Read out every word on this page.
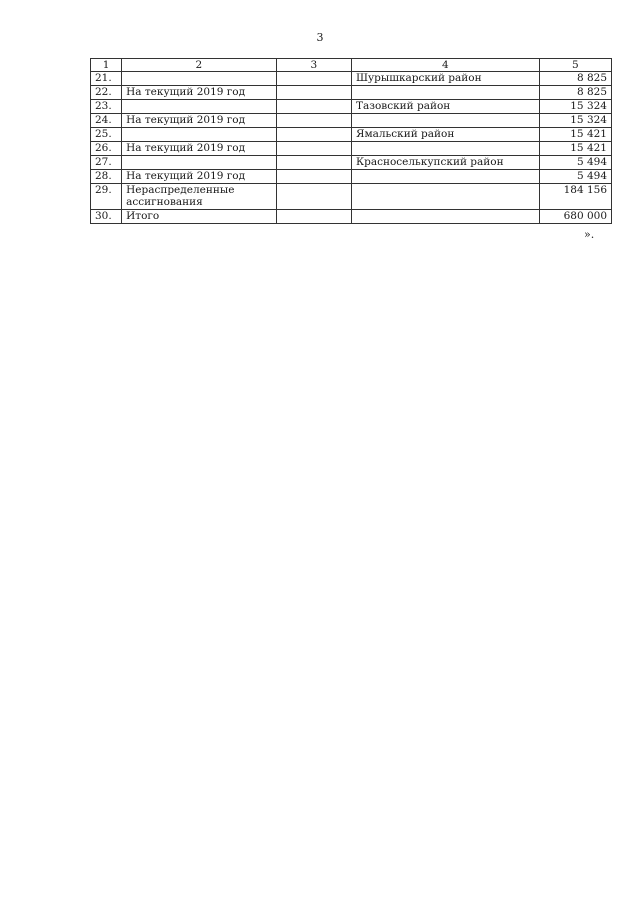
3
1	2	3	4	5
21.			Шурышкарский район	8 825
22.	На текущий 2019 год			8 825
23.			Тазовский район	15 324
24.	На текущий 2019 год			15 324
25.			Ямальский район	15 421
26.	На текущий 2019 год			15 421
27.			Красноселькупский район	5 494
28.	На текущий 2019 год			5 494
29.	Нераспределенные ассигнования			184 156
30.	Итого			680 000
».
